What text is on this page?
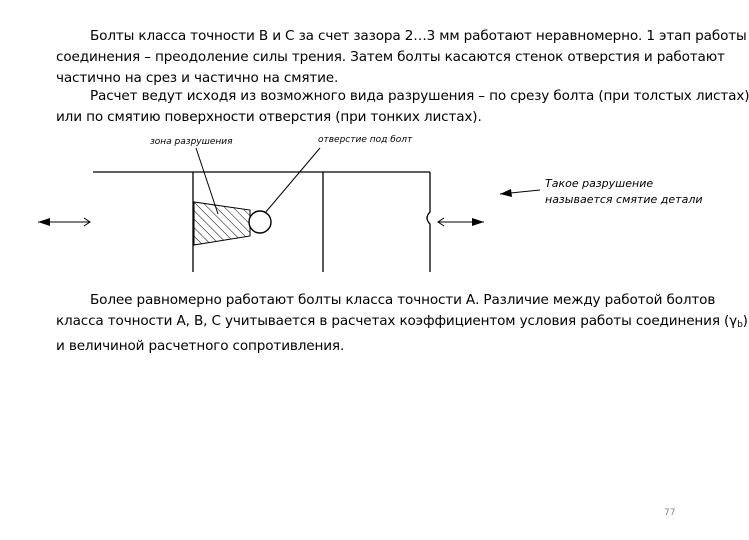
Болты класса точности В и С за счет зазора 2…3 мм работают неравномерно. 1 этап работы
соединения – преодоление силы трения. Затем болты касаются стенок отверстия и работают
частично на срез и частично на смятие.

Расчет ведут исходя из возможного вида разрушения – по срезу болта (при толстых листах)
или по смятию поверхности отверстия (при тонких листах).

зона разрушения	отверстие под болт
Такое разрушение
называется смятие детали

Более равномерно работают болты класса точности А. Различие между работой болтов
класса точности А, В, С учитывается в расчетах коэффициентом условия работы соединения $(\gamma_b)$
и величиной расчетного сопротивления.

77
